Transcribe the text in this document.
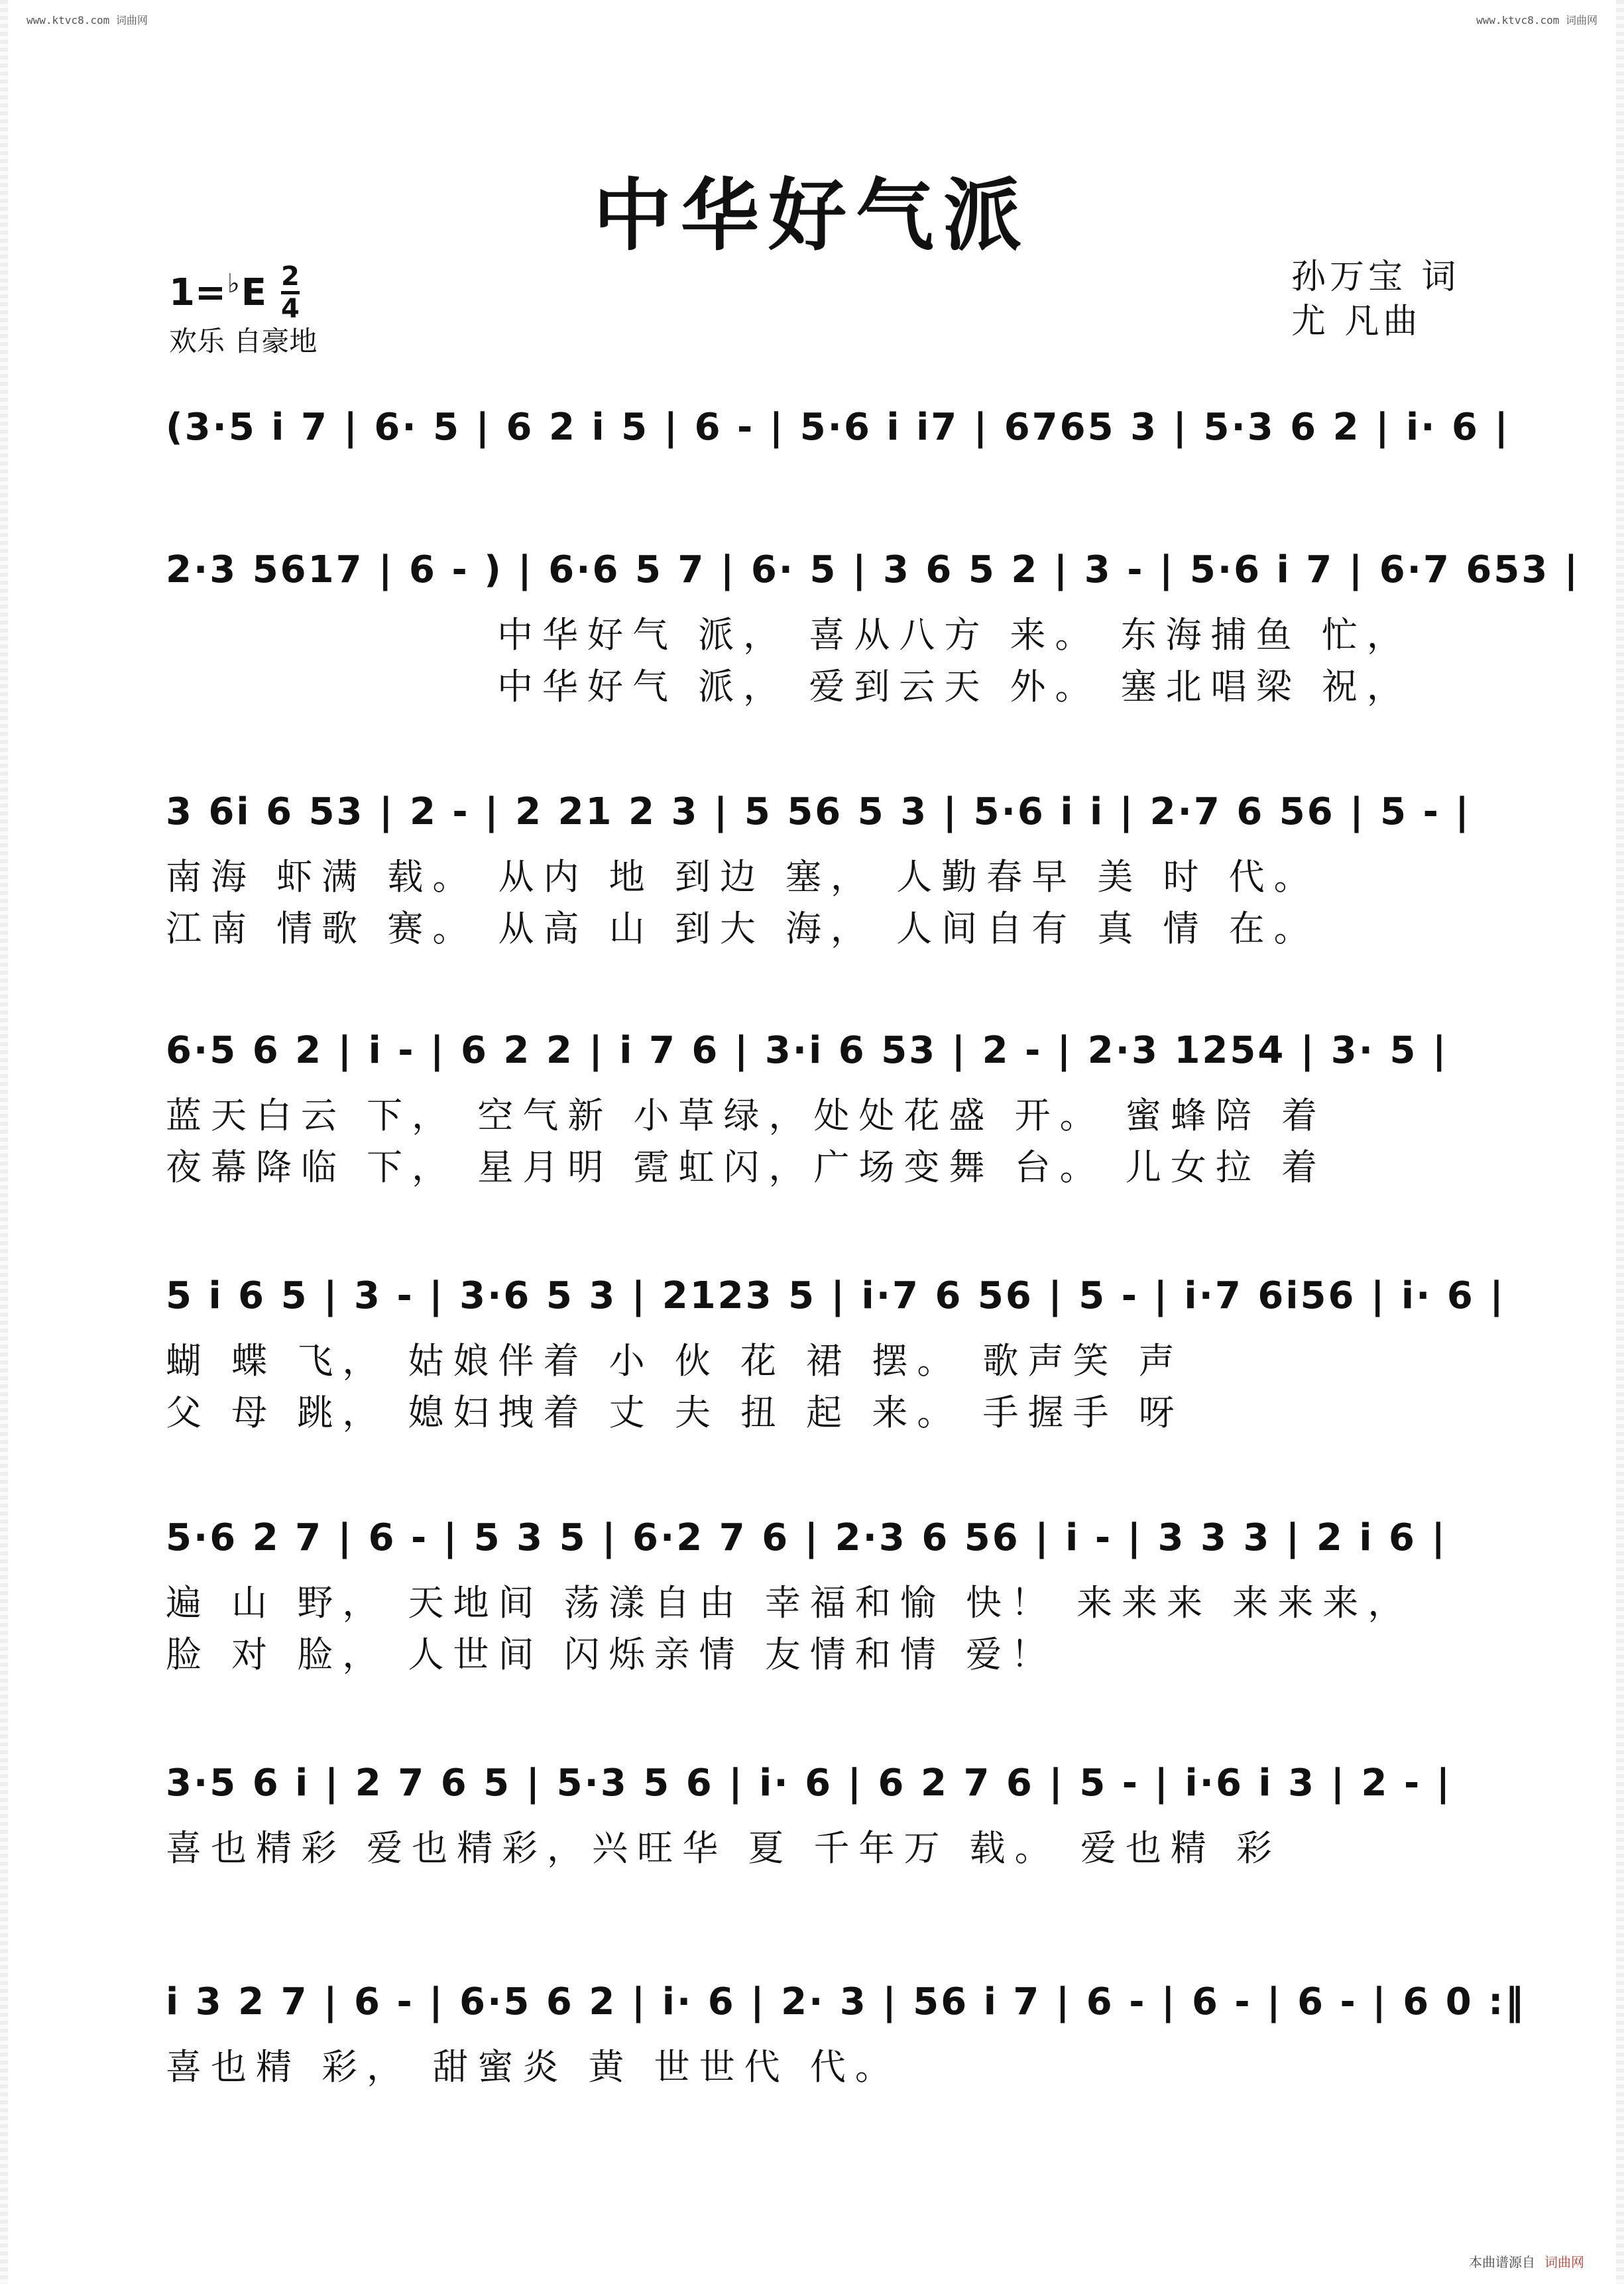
www.ktvc8.com 词曲网	www.ktvc8.com 词曲网
中华好气派
1= ♭ E $\frac{2}{4}$
欢乐 自豪地
孙万宝 词
尤 凡曲
(3·5 i 7 | 6· 5 | 6 2 i 5 | 6 - | 5·6 i i7 | 6765 3 | 5·3 6 2 | i· 6 |
2·3 5617 | 6 - ) | 6·6 5 7 | 6· 5 | 3 6 5 2 | 3 - | 5·6 i 7 | 6·7 653 |
中华好气 派， 喜从八方 来。 东海捕鱼 忙，
中华好气 派， 爱到云天 外。 塞北唱梁 祝，
3 6i 6 53 | 2 - | 2 21 2 3 | 5 56 5 3 | 5·6 i i | 2·7 6 56 | 5 - |
南海 虾满 载。 从内 地 到边 塞， 人勤春早 美 时 代。
江南 情歌 赛。 从高 山 到大 海， 人间自有 真 情 在。
6·5 6 2 | i - | 6 2 2 | i 7 6 | 3·i 6 53 | 2 - | 2·3 1254 | 3· 5 |
蓝天白云 下， 空气新 小草绿，处处花盛 开。 蜜蜂陪 着
夜幕降临 下， 星月明 霓虹闪，广场变舞 台。 儿女拉 着
5 i 6 5 | 3 - | 3·6 5 3 | 2123 5 | i·7 6 56 | 5 - | i·7 6i56 | i· 6 |
蝴 蝶 飞， 姑娘伴着 小 伙 花 裙 摆。 歌声笑 声
父 母 跳， 媳妇拽着 丈 夫 扭 起 来。 手握手 呀
5·6 2 7 | 6 - | 5 3 5 | 6·2 7 6 | 2·3 6 56 | i - | 3 3 3 | 2 i 6 |
遍 山 野， 天地间 荡漾自由 幸福和愉 快！ 来来来 来来来，
脸 对 脸， 人世间 闪烁亲情 友情和情 爱！
3·5 6 i | 2 7 6 5 | 5·3 5 6 | i· 6 | 6 2 7 6 | 5 - | i·6 i 3 | 2 - |
喜也精彩 爱也精彩，兴旺华 夏 千年万 载。 爱也精 彩
i 3 2 7 | 6 - | 6·5 6 2 | i· 6 | 2· 3 | 56 i 7 | 6 - | 6 - | 6 - | 6 0 :‖
喜也精 彩， 甜蜜炎 黄 世世代 代。
本曲谱源自 词曲网
